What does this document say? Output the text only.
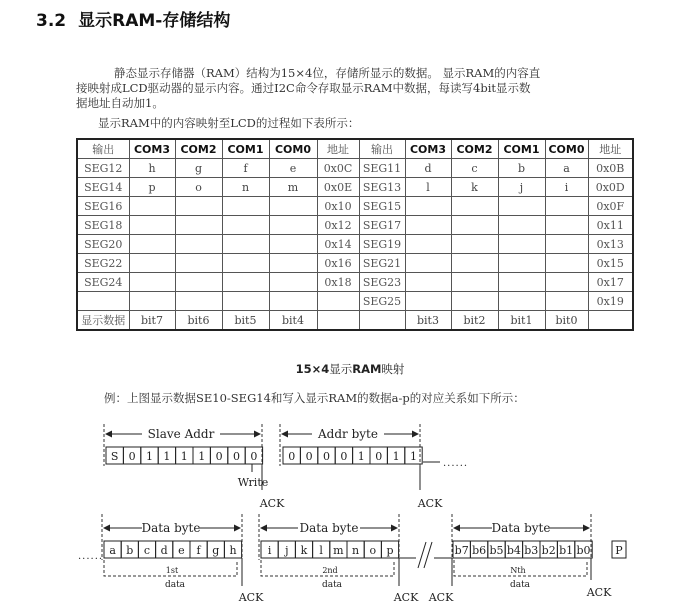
3.2 显示RAM-存储结构
静态显示存储器（RAM）结构为15×4位，存储所显示的数据。 显示RAM的内容直
接映射成LCD驱动器的显示内容。通过I2C命令存取显示RAM中数据，每读写4bit显示数
据地址自动加1。
显示RAM中的内容映射至LCD的过程如下表所示：
输出	COM3	COM2	COM1	COM0	地址	输出	COM3	COM2	COM1	COM0	地址
SEG12	h	g	f	e	0x0C	SEG11	d	c	b	a	0x0B
SEG14	p	o	n	m	0x0E	SEG13	l	k	j	i	0x0D
SEG16					0x10	SEG15					0x0F
SEG18					0x12	SEG17					0x11
SEG20					0x14	SEG19					0x13
SEG22					0x16	SEG21					0x15
SEG24					0x18	SEG23					0x17
						SEG25					0x19
显示数据	bit7	bit6	bit5	bit4			bit3	bit2	bit1	bit0	
15×4显示RAM映射
例：上图显示数据SE10-SEG14和写入显示RAM的数据a-p的对应关系如下所示：
Slave Addr	Addr byte
S 0 1 1 1 1 0 0 0	0 0 0 0 1 0 1 1
......
Write
ACK	ACK
Data byte	Data byte	Data byte
...... a b c d e f g h	i j k l m n o p	b7 b6 b5 b4 b3 b2 b1 b0 P
1st
data
2nd
data
Nth
data
ACK	ACK ACK	ACK
